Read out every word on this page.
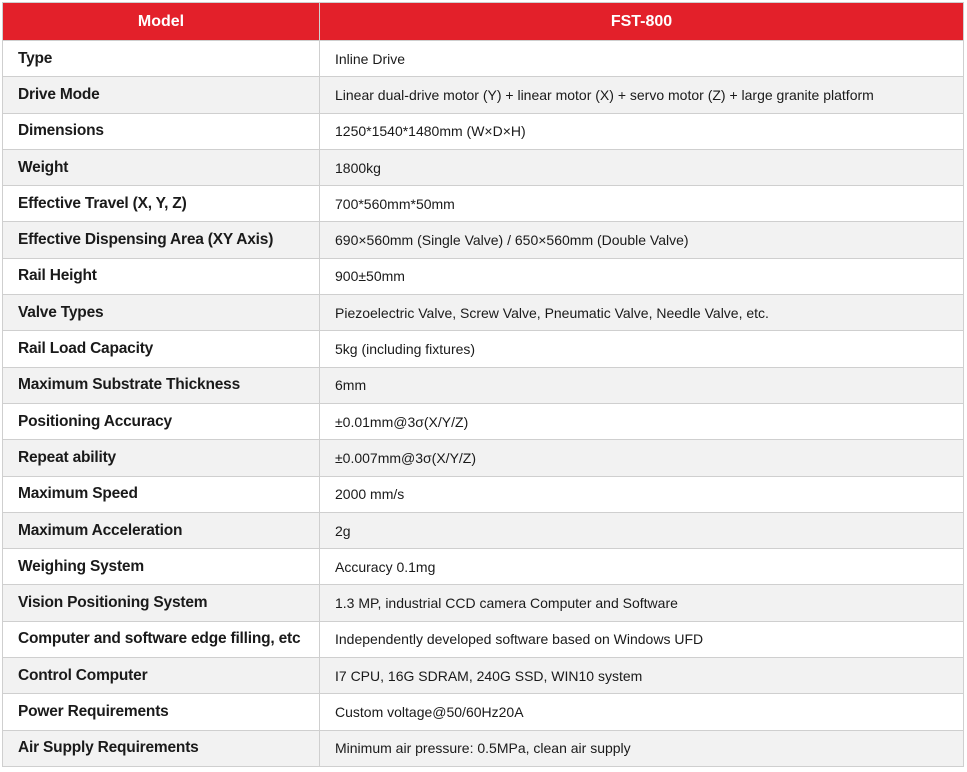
Model	FST-800
Type	Inline Drive
Drive Mode	Linear dual-drive motor (Y) + linear motor (X) + servo motor (Z) + large granite platform
Dimensions	1250*1540*1480mm (W×D×H)
Weight	1800kg
Effective Travel (X, Y, Z)	700*560mm*50mm
Effective Dispensing Area (XY Axis)	690×560mm (Single Valve) / 650×560mm (Double Valve)
Rail Height	900±50mm
Valve Types	Piezoelectric Valve, Screw Valve, Pneumatic Valve, Needle Valve, etc.
Rail Load Capacity	5kg (including fixtures)
Maximum Substrate Thickness	6mm
Positioning Accuracy	±0.01mm@3σ(X/Y/Z)
Repeat ability	±0.007mm@3σ(X/Y/Z)
Maximum Speed	2000 mm/s
Maximum Acceleration	2g
Weighing System	Accuracy 0.1mg
Vision Positioning System	1.3 MP, industrial CCD camera Computer and Software
Computer and software edge filling, etc	Independently developed software based on Windows UFD
Control Computer	I7 CPU, 16G SDRAM, 240G SSD, WIN10 system
Power Requirements	Custom voltage@50/60Hz20A
Air Supply Requirements	Minimum air pressure: 0.5MPa, clean air supply
